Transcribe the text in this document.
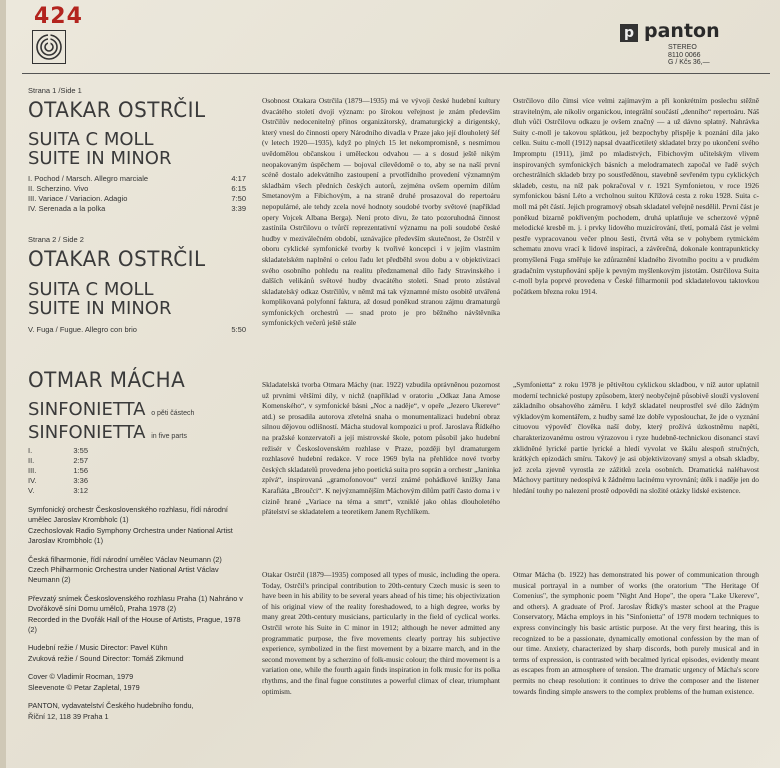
424
p panton
STEREO
8110 0066
G / Kčs 36,—
Strana 1 /Side 1
OTAKAR OSTRČIL
SUITA C MOLL
SUITE IN MINOR
I. Pochod / Marsch. Allegro marciale	4:17
II. Scherzino. Vivo	6:15
III. Variace / Variacion. Adagio	7:50
IV. Serenada a la polka	3:39
Strana 2 / Side 2
OTAKAR OSTRČIL
SUITA C MOLL
SUITE IN MINOR
V. Fuga / Fugue. Allegro con brio	5:50
OTMAR MÁCHA
SINFONIETTA o pěti částech
SINFONIETTA in five parts
I.	3:55
II.	2:57
III.	1:56
IV.	3:36
V.	3:12

Symfonický orchestr Československého rozhlasu, řídí národní umělec Jaroslav Krombholc (1)
Czechoslovak Radio Symphony Orchestra under National Artist Jaroslav Krombholc (1)

Česká filharmonie, řídí národní umělec Václav Neumann (2)
Czech Philharmonic Orchestra under National Artist Václav Neumann (2)

Převzatý snímek Československého rozhlasu Praha (1) Nahráno v Dvořákově síni Domu umělců, Praha 1978 (2)
Recorded in the Dvořák Hall of the House of Artists, Prague, 1978 (2)

Hudební režie / Music Director: Pavel Kühn
Zvuková režie / Sound Director: Tomáš Zikmund

Cover © Vladimír Rocman, 1979
Sleevenote © Petar Zapletal, 1979

PANTON, vydavatelství Českého hudebního fondu,
Říční 12, 118 39 Praha 1

Osobnost Otakara Ostrčila (1879—1935) má ve vývoji české hudební kultury dvacátého století dvojí význam: po šírokou veřejnost je znám především Ostrčilův nedocenitelný přínos organizátorský, dramaturgický a dirigentský, který vnesl do činnosti opery Národního divadla v Praze jako její dlouholetý šéf (v letech 1920—1935), když po plných 15 let nekompromisně, s nesmírnou uvědomělou občanskou i uměleckou odvahou — a s dosud ještě nikým neopakovaným úspěchem — bojoval cílevědomě o to, aby se na naší první scéně dostalo adekvátního zastoupení a prvotřídního provedení významným skladbám všech předních českých autorů, zejména ovšem operním dílům Smetanovým a Fibichovým, a na straně druhé prosazoval do repertoáru nepopulárné, ale tehdy zcela nové hodnoty soudobé tvorby světové (například opery Vojcek Albana Berga). Není proto divu, že tato pozoruhodná činnost zastínila Ostrčilovu o tvůrčí reprezentativní významu na poli soudobé české hudby v meziválečném období, uznávajíce především skutečnost, že Ostrčil v oboru cyklické symfonické tvorby k tvořivé koncepci i v jejím vlastním skladatelském naplnění o celou řadu let předběhl svou dobu a v objektivizaci svého osobního pohledu na realitu předznamenal dílo řady Stravinského i dalších velikánů světové hudby dvacátého století. Snad proto zůstával skladatelský odkaz Ostrčilův, v němž má tak významné místo osobitě utvářená komplikovaná polyfonní faktura, až dosud poněkud stranou zájmu dramaturgů symfonických orchestrů — snad proto je pro běžného návštěvníka symfonických večerů ještě stále
Ostrčilovo dílo čímsi více velmi zajímavým a při konkrétním poslechu stěžně stravitelným, ale nikoliv organickou, integrální součástí „denního“ repertoáru. Náš dluh vůči Ostrčilovu odkazu je ovšem značný — a už dávno splatný. Nahrávka Suity c-moll je takovou splátkou, jež bezpochyby přispěje k poznání díla jako celku. Suitu c-moll (1912) napsal dvaatřicetiletý skladatel brzy po ukončení svého Impromptu (1911), jímž po mladistvých, Fibichovým učitelským vlivem inspirovaných symfonických básních a melodramatech započal ve řadě svých orchestrálních skladeb brzy po soustředěnou, stavebně sevřeném typu cyklických skladeb, cestu, na níž pak pokračoval v r. 1921 Symfonietou, v roce 1926 symfonickou básní Léto a vrcholnou suitou Křížová cesta z roku 1928. Suita c-moll má pět částí. Jejich programový obsah skladatel veřejně nesdělil. První část je poněkud bizarně pokřiveným pochodem, druhá uplatňuje ve scherzové výpně melodické kresbě m. j. i prvky lidového muzicírování, třetí, pomalá část je velmi pestře vypracovanou večer plnou šesti, čtvrtá věta se v pohybem rytmickém schematu znovu vrací k lidové inspiraci, a závěrečná, dokonale kontrapunkticky promyšlená Fuga směřuje ke zdůraznění kladného životního pocitu a v prudkém gradačním vystupňování spěje k pevným myšlenkovým jistotám. Ostrčilova Suita c-moll byla poprvé provedena v České filharmonii pod skladatelovou taktovkou počátkem března roku 1914.
Skladatelská tvorba Otmara Máchy (nar. 1922) vzbudila oprávněnou pozornost už prvními většími díly, v nichž (například v oratoriu „Odkaz Jana Amose Komenského“, v symfonické básni „Noc a naděje“, v opeře „Jezero Ukereve“ atd.) se prosadila autorova zřetelná snaha o monumentalizaci hudební obraz silnou dějovou odlišností. Mácha studoval kompozici u prof. Jaroslava Řídkého na pražské konzervatoři a její mistrovské škole, potom působil jako hudební režisér v Československém rozhlase v Praze, později byl dramaturgem rozhlasové hudební redakce. V roce 1969 byla na přehlídce nové tvorby českých skladatelů provedena jeho poetická suita pro soprán a orchestr „Janinka zpívá“, inspirovaná „gramofonovou“ verzí známé pohádkové knížky Jana Karafiáta „Broučci“. K nejvýznamnějším Máchovým dílům patří často doma i v cizině hrané „Variace na téma a smrt“, vzniklé jako ohlas dlouholetého přátelství se skladatelem a teoretikem Janem Rychlíkem.
„Symfonietta“ z roku 1978 je pětivětou cyklickou skladbou, v níž autor uplatnil moderní technické postupy způsobem, který neobyčejně působivě slouží vyslovení základního obsahového záměru. I když skladatel neuprostřel své dílo žádným výkladovým komentářem, z hudby samé lze dobře vyposlouchat, že jde o vyznání cituovou výpověď člověka naší doby, který prožívá úzkostněmu napětí, charakterizovanému ostrou výrazovou i ryze hudebně-technickou disonancí staví zklidněné lyrické partie lyrické a hledí vyvolat ve škálu alespoň stručných, krátkých epizodách smíru. Takový je asi objektivizovaný smysl a obsah skladby, jež zcela zjevně vyrostla ze zážitků zcela osobních. Dramatická naléhavost Máchovy partitury nedospívá k žádnému lacinému vyrovnání; útěk i naděje jen do hledání touhy po nalezení prostě odpovědi na složité otázky lidské existence.
Otakar Ostrčil (1879—1935) composed all types of music, including the opera. Today, Ostrčil's principal contribution to 20th-century Czech music is seen to have been in his ability to be several years ahead of his time; his objectivization of his original view of the reality foreshadowed, to a high degree, works by many great 20th-century musicians, particularly in the field of cyclical works. Ostrčil wrote his Suite in C minor in 1912; although he never admitted any programmatic purpose, the five movements clearly portray his subjective experience, symbolized in the first movement by a bizarre march, and in the second movement by a scherzino of folk-music colour; the third movement is a variation one, while the fourth again finds inspiration in folk music for its polka rhythms, and the final fugue constitutes a powerful climax of clear, triumphant optimism.
Otmar Mácha (b. 1922) has demonstrated his power of communication through musical portrayal in a number of works (the oratorium "The Heritage Of Comenius", the symphonic poem "Night And Hope", the opera "Lake Ukereve", and others). A graduate of Prof. Jaroslav Řídký's master school at the Prague Conservatory, Mácha employs in his "Sinfonietta" of 1978 modern techniques to express convincingly his basic artistic purpose. At the very first hearing, this is recognized to be a passionate, dynamically emotional confession by the man of our time. Anxiety, characterized by sharp discords, both purely musical and in terms of expression, is contrasted with becalmed lyrical episodes, evidently meant as escapes from an atmosphere of tension. The dramatic urgency of Mácha's score permits no cheap resolution: it continues to drive the composer and the listener towards finding simple answers to the complex problems of the human existence.
